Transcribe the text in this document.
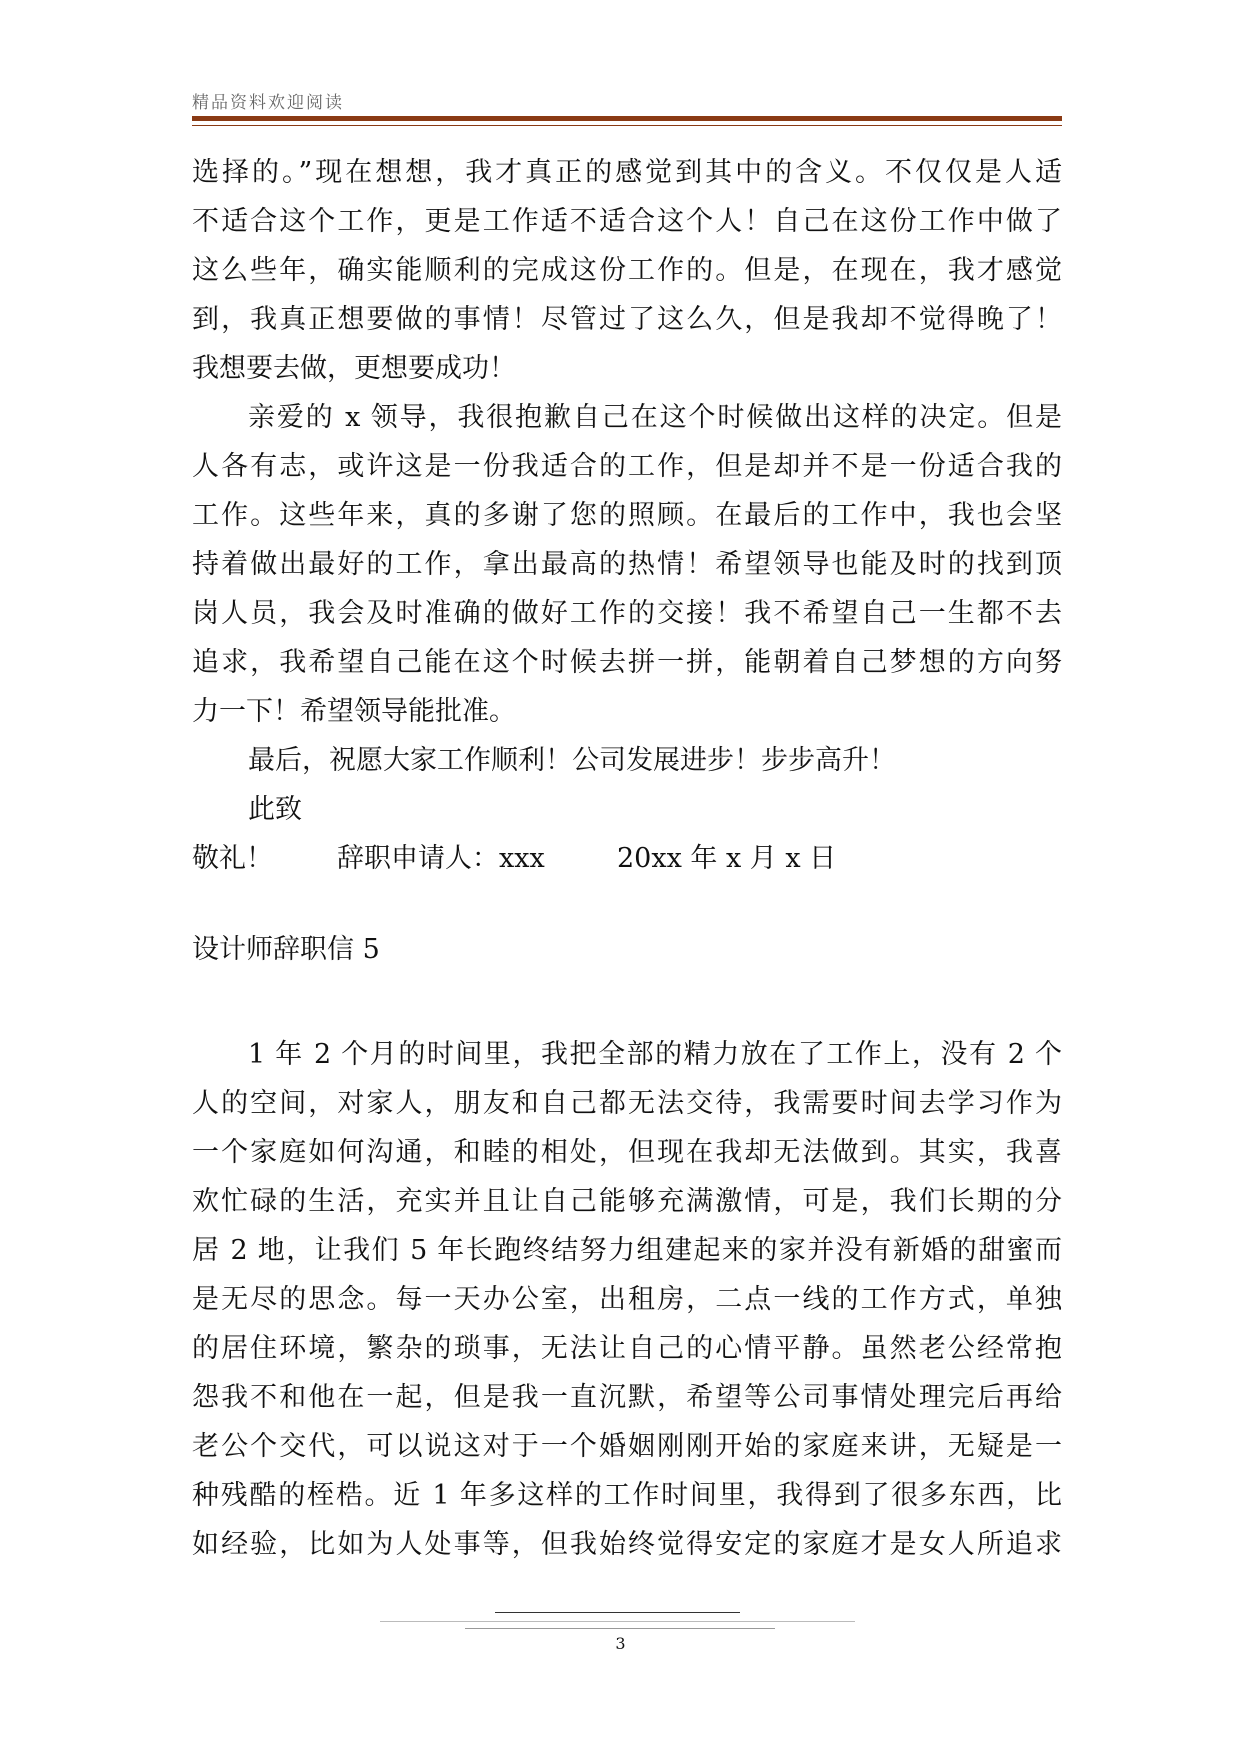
精品资料欢迎阅读
选择的。”现在想想，我才真正的感觉到其中的含义。不仅仅是人适
不适合这个工作，更是工作适不适合这个人！自己在这份工作中做了
这么些年，确实能顺利的完成这份工作的。但是，在现在，我才感觉
到，我真正想要做的事情！尽管过了这么久，但是我却不觉得晚了！
我想要去做，更想要成功！
亲爱的 x 领导，我很抱歉自己在这个时候做出这样的决定。但是
人各有志，或许这是一份我适合的工作，但是却并不是一份适合我的
工作。这些年来，真的多谢了您的照顾。在最后的工作中，我也会坚
持着做出最好的工作，拿出最高的热情！希望领导也能及时的找到顶
岗人员，我会及时准确的做好工作的交接！我不希望自己一生都不去
追求，我希望自己能在这个时候去拼一拼，能朝着自己梦想的方向努
力一下！希望领导能批准。
最后，祝愿大家工作顺利！公司发展进步！步步高升！
此致
敬礼！ 辞职申请人：xxx	20xx 年 x 月 x 日
设计师辞职信 5
1 年 2 个月的时间里，我把全部的精力放在了工作上，没有 2 个
人的空间，对家人，朋友和自己都无法交待，我需要时间去学习作为
一个家庭如何沟通，和睦的相处，但现在我却无法做到。其实，我喜
欢忙碌的生活，充实并且让自己能够充满激情，可是，我们长期的分
居 2 地，让我们 5 年长跑终结努力组建起来的家并没有新婚的甜蜜而
是无尽的思念。每一天办公室，出租房，二点一线的工作方式，单独
的居住环境，繁杂的琐事，无法让自己的心情平静。虽然老公经常抱
怨我不和他在一起，但是我一直沉默，希望等公司事情处理完后再给
老公个交代，可以说这对于一个婚姻刚刚开始的家庭来讲，无疑是一
种残酷的桎梏。近 1 年多这样的工作时间里，我得到了很多东西，比
如经验，比如为人处事等，但我始终觉得安定的家庭才是女人所追求
3
